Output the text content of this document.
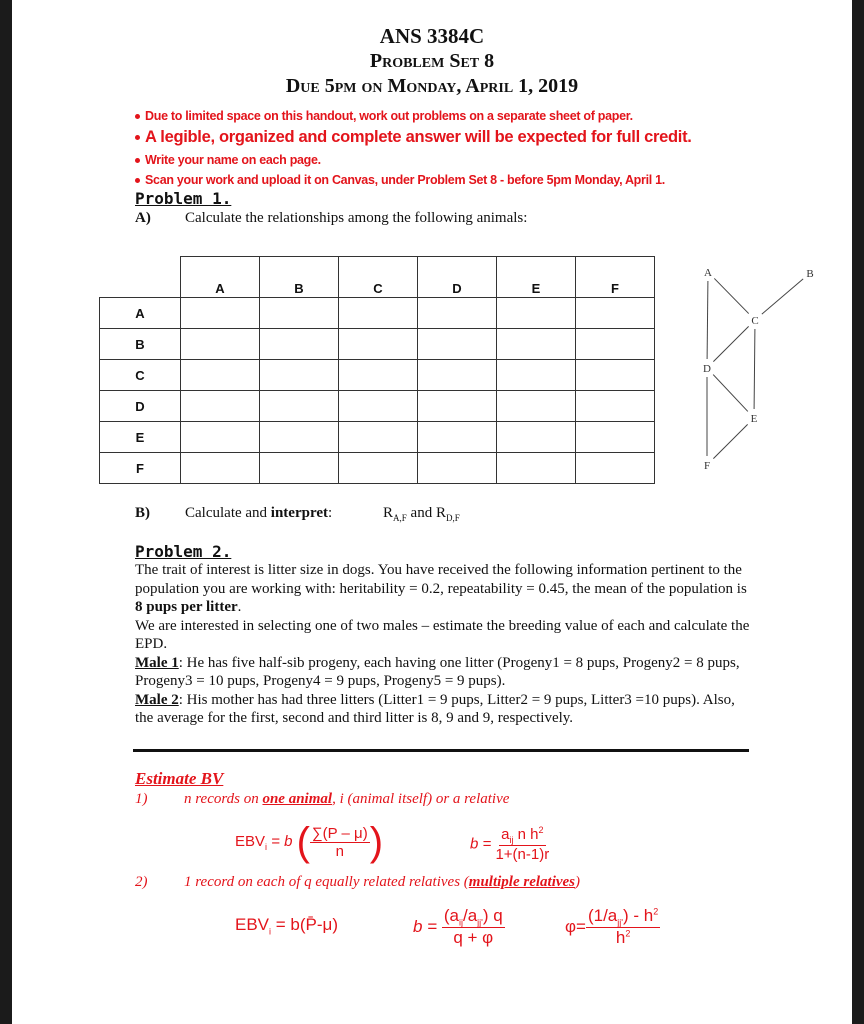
ANS 3384C
Problem Set 8
Due 5pm on Monday, April 1, 2019
Due to limited space on this handout, work out problems on a separate sheet of paper.
A legible, organized and complete answer will be expected for full credit.
Write your name on each page.
Scan your work and upload it on Canvas, under Problem Set 8 - before 5pm Monday, April 1.
Problem 1.
A) Calculate the relationships among the following animals:
	A	B	C	D	E	F
A						
B						
C						
D						
E						
F						
A	B
C
D
E
F
B) Calculate and interpret:	$R_{A,F}$ and $R_{D,F}$
Problem 2.
The trait of interest is litter size in dogs. You have received the following information pertinent to the population you are working with: heritability = 0.2, repeatability = 0.45, the mean of the population is 8 pups per litter.
We are interested in selecting one of two males – estimate the breeding value of each and calculate the EPD.
Male 1: He has five half-sib progeny, each having one litter (Progeny1 = 8 pups, Progeny2 = 8 pups, Progeny3 = 10 pups, Progeny4 = 9 pups, Progeny5 = 9 pups).
Male 2: His mother has had three litters (Litter1 = 9 pups, Litter2 = 9 pups, Litter3 =10 pups). Also, the average for the first, second and third litter is 8, 9 and 9, respectively.
Estimate BV
1) n records on one animal, i (animal itself) or a relative
$EBV_i = b$ ( $\frac{\sum(P - \mu)}{n}$ )	$b = \frac{a_{ij} n h^2}{1+(n-1)r}$
2) 1 record on each of q equally related relatives (multiple relatives)
$EBV_i$ = b(P̄-μ)	$b = \frac{(a_{ij}/a_{jj'}) q}{q + \varphi}$	$\varphi= \frac{(1/a_{jj'}) - h^2}{h^2}$
